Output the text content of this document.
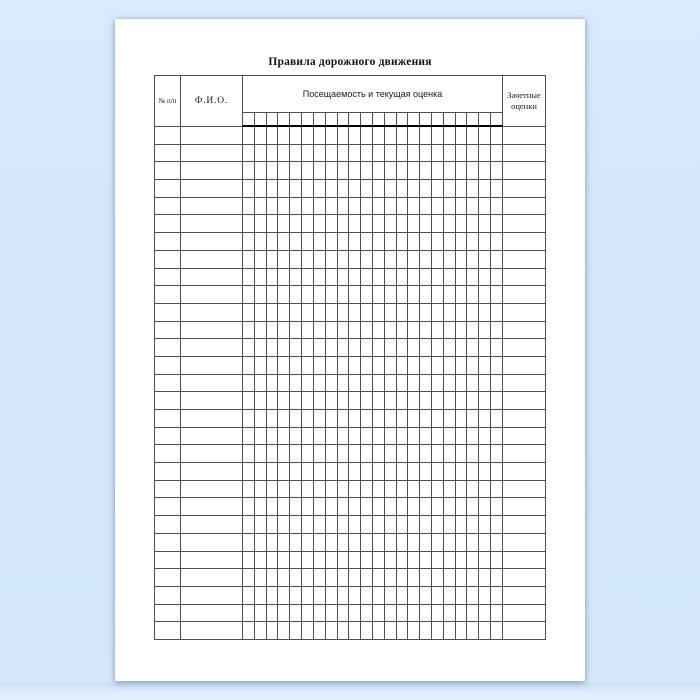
Правила дорожного движения
№ п/п	Ф.И.О.	Посещаемость и текущая оценка																						Зачетные
оценки
